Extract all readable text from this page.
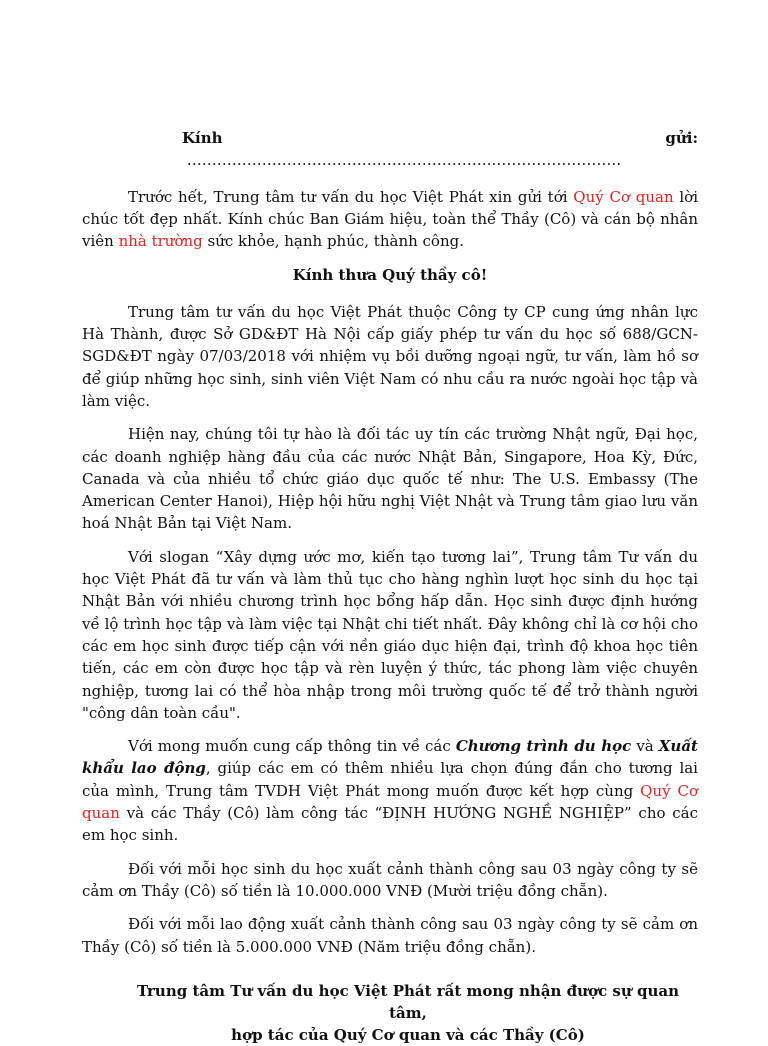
Kính gửi:  ……………………………………………………..…………………….

Trước hết, Trung tâm tư vấn du học Việt Phát xin gửi tới Quý Cơ quan lời chúc tốt đẹp nhất. Kính chúc Ban Giám hiệu, toàn thể Thầy (Cô) và cán bộ nhân viên nhà trường sức khỏe, hạnh phúc, thành công.

Kính thưa Quý thầy cô!

Trung tâm tư vấn du học Việt Phát thuộc Công ty CP cung ứng nhân lực Hà Thành, được Sở GD&ĐT Hà Nội cấp giấy phép tư vấn du học số 688/GCN-SGD&ĐT ngày 07/03/2018 với nhiệm vụ bồi dưỡng ngoại ngữ, tư vấn, làm hồ sơ để giúp những học sinh, sinh viên Việt Nam có nhu cầu ra nước ngoài học tập và làm việc.

Hiện nay, chúng tôi tự hào là đối tác uy tín các trường Nhật ngữ, Đại học, các doanh nghiệp hàng đầu của các nước Nhật Bản, Singapore, Hoa Kỳ, Đức, Canada và của nhiều tổ chức giáo dục quốc tế như: The U.S. Embassy (The American Center Hanoi), Hiệp hội hữu nghị Việt Nhật và Trung tâm giao lưu văn hoá Nhật Bản tại Việt Nam.

Với slogan “Xây dựng ước mơ, kiến tạo tương lai”, Trung tâm Tư vấn du học Việt Phát đã tư vấn và làm thủ tục cho hàng nghìn lượt học sinh du học tại Nhật Bản với nhiều chương trình học bổng hấp dẫn. Học sinh được định hướng về lộ trình học tập và làm việc tại Nhật chi tiết nhất. Đây không chỉ là cơ hội cho các em học sinh được tiếp cận với nền giáo dục hiện đại, trình độ khoa học tiên tiến, các em còn được học tập và rèn luyện ý thức, tác phong làm việc chuyên nghiệp, tương lai có thể hòa nhập trong môi trường quốc tế để trở thành người "công dân toàn cầu".

Với mong muốn cung cấp thông tin về các Chương trình du học và Xuất khẩu lao động, giúp các em có thêm nhiều lựa chọn đúng đắn cho tương lai của mình, Trung tâm TVDH Việt Phát mong muốn được kết hợp cùng Quý Cơ quan và các Thầy (Cô) làm công tác “ĐỊNH HƯỚNG NGHỀ NGHIỆP” cho các em học sinh.

Đối với mỗi học sinh du học xuất cảnh thành công sau 03 ngày công ty sẽ cảm ơn Thầy (Cô) số tiền là 10.000.000 VNĐ (Mười triệu đồng chẵn).

Đối với mỗi lao động xuất cảnh thành công sau 03 ngày công ty sẽ cảm ơn Thầy (Cô) số tiền là 5.000.000 VNĐ (Năm triệu đồng chẵn).

Trung tâm Tư vấn du học Việt Phát rất mong nhận được sự quan tâm,
hợp tác của Quý Cơ quan và các Thầy (Cô)
